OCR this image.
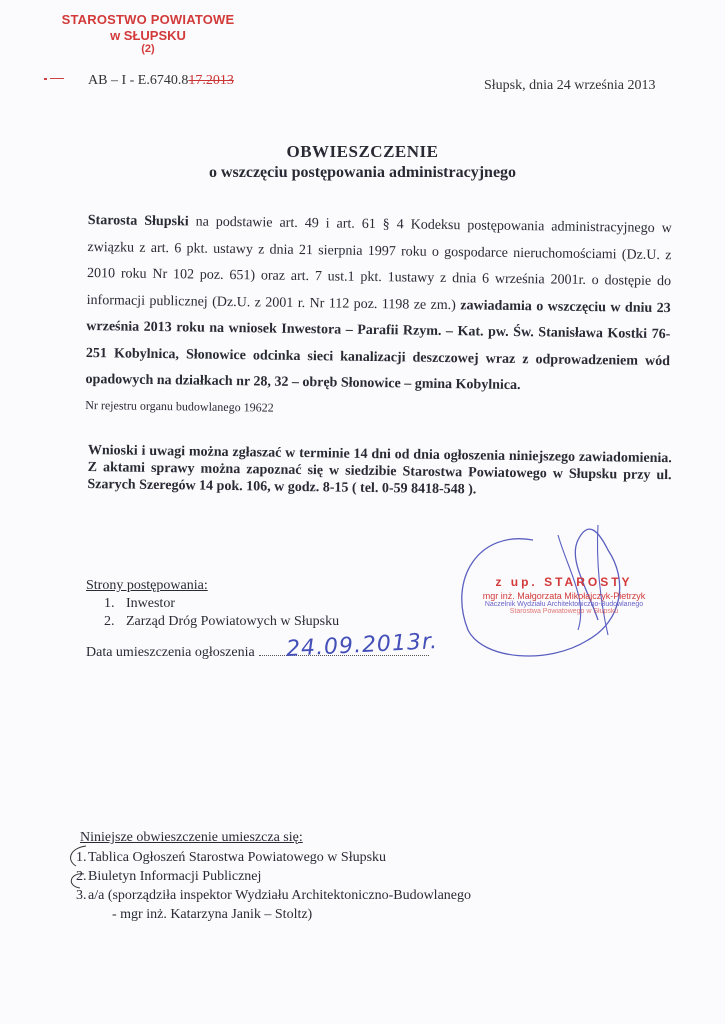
STAROSTWO POWIATOWE
w SŁUPSKU
(2)
AB – I - E.6740.817.2013	Słupsk, dnia 24 września 2013
OBWIESZCZENIE
o wszczęciu postępowania administracyjnego
Starosta Słupski na podstawie art. 49 i art. 61 § 4 Kodeksu postępowania administracyjnego w związku z art. 6 pkt. ustawy z dnia 21 sierpnia 1997 roku o gospodarce nieruchomościami (Dz.U. z 2010 roku Nr 102 poz. 651) oraz art. 7 ust.1 pkt. 1ustawy z dnia 6 września 2001r. o dostępie do informacji publicznej (Dz.U. z 2001 r. Nr 112 poz. 1198 ze zm.) zawiadamia o wszczęciu w dniu 23 września 2013 roku na wniosek Inwestora – Parafii Rzym. – Kat. pw. Św. Stanisława Kostki 76-251 Kobylnica, Słonowice odcinka sieci kanalizacji deszczowej wraz z odprowadzeniem wód opadowych na działkach nr 28, 32 – obręb Słonowice – gmina Kobylnica.
Nr rejestru organu budowlanego 19622
Wnioski i uwagi można zgłaszać w terminie 14 dni od dnia ogłoszenia niniejszego zawiadomienia. Z aktami sprawy można zapoznać się w siedzibie Starostwa Powiatowego w Słupsku przy ul. Szarych Szeregów 14 pok. 106, w godz. 8-15 ( tel. 0-59 8418-548 ).
z up. STAROSTY
mgr inż. Małgorzata Mikołajczyk-Pietrzyk
Naczelnik Wydziału Architektoniczno-Budowlanego
Starostwa Powiatowego w Słupsku
Strony postępowania:
1. Inwestor
2. Zarząd Dróg Powiatowych w Słupsku
Data umieszczenia ogłoszenia	24.09.2013r.
Niniejsze obwieszczenie umieszcza się:
1. Tablica Ogłoszeń Starostwa Powiatowego w Słupsku
2. Biuletyn Informacji Publicznej
3. a/a (sporządziła inspektor Wydziału Architektoniczno-Budowlanego
- mgr inż. Katarzyna Janik – Stoltz)
